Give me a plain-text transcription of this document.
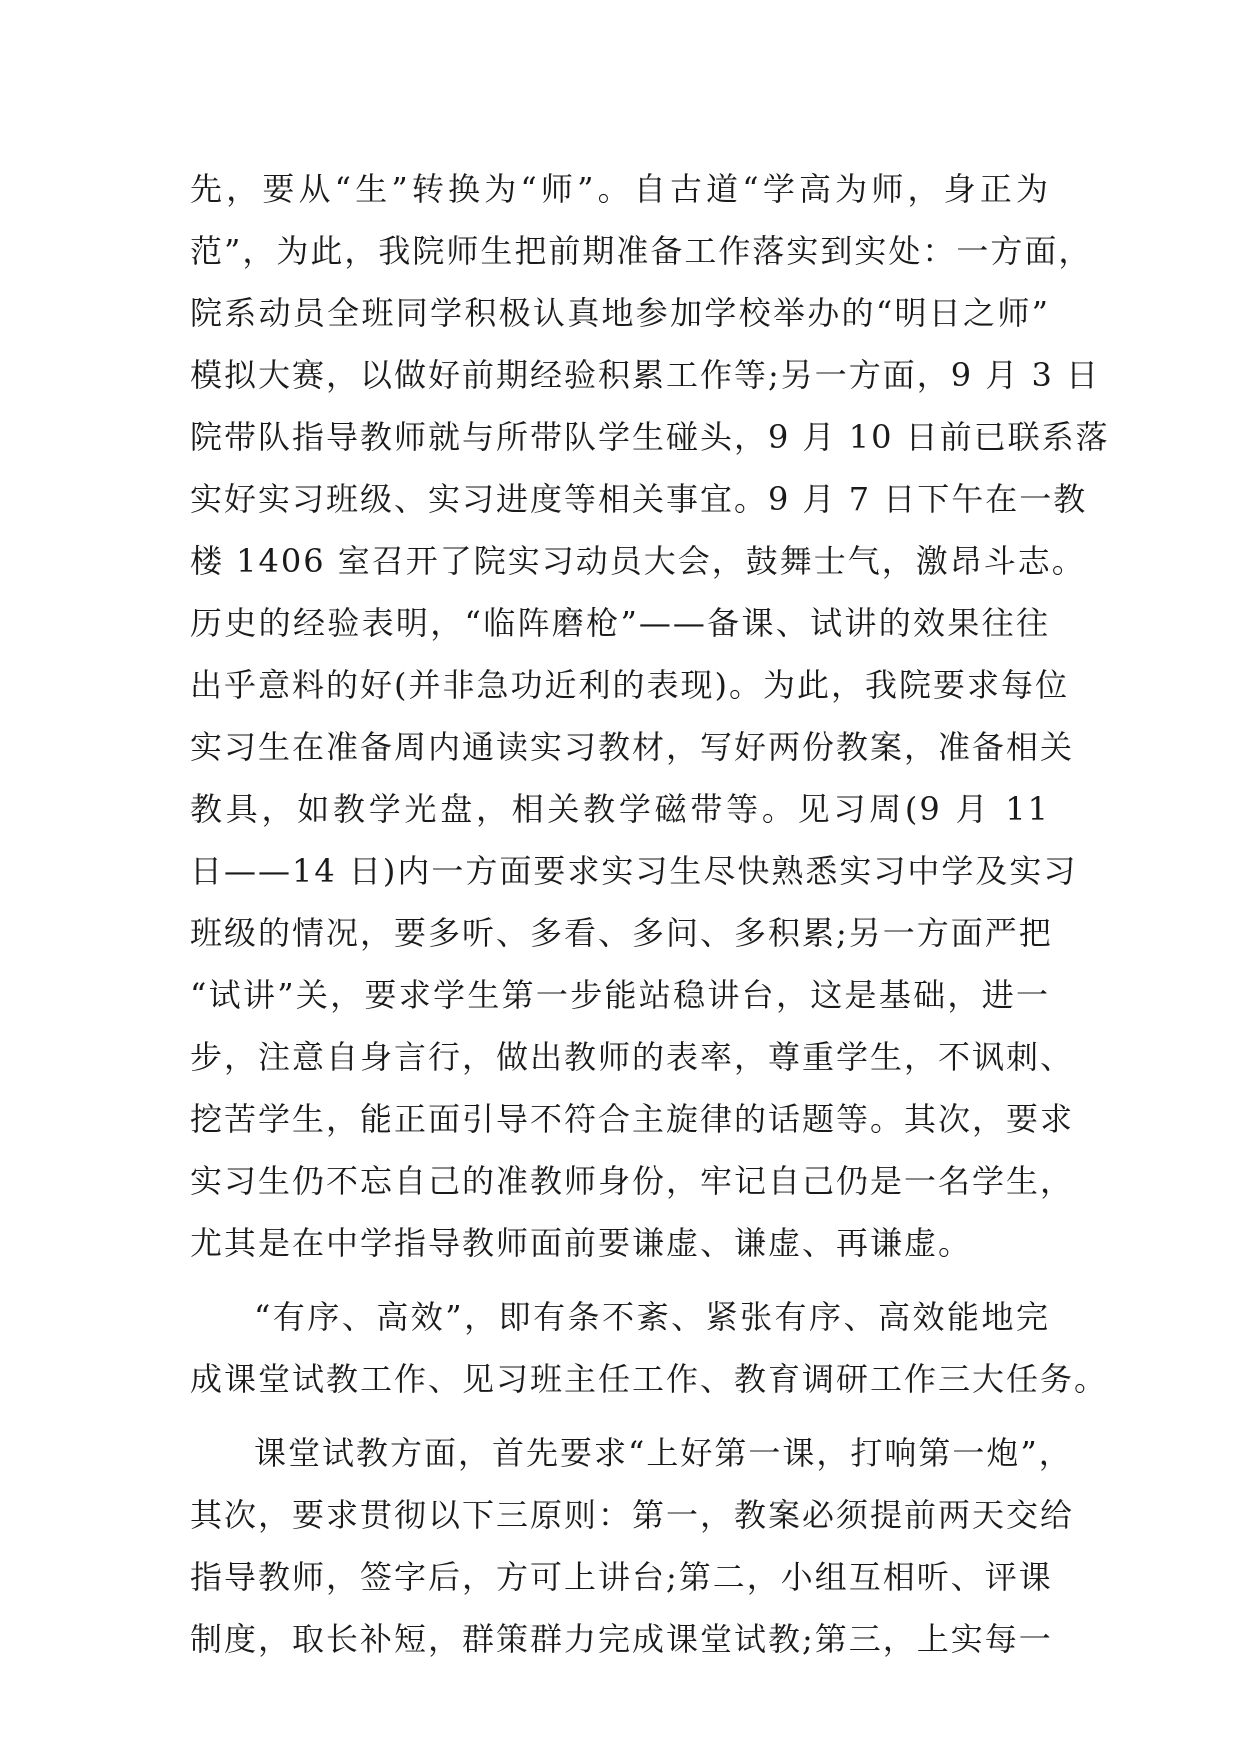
先，要从“生”转换为“师”。自古道“学高为师，身正为
范”，为此，我院师生把前期准备工作落实到实处：一方面，
院系动员全班同学积极认真地参加学校举办的“明日之师”
模拟大赛，以做好前期经验积累工作等;另一方面，9 月 3 日
院带队指导教师就与所带队学生碰头，9 月 10 日前已联系落
实好实习班级、实习进度等相关事宜。9 月 7 日下午在一教
楼 1406 室召开了院实习动员大会，鼓舞士气，激昂斗志。
历史的经验表明，“临阵磨枪”——备课、试讲的效果往往
出乎意料的好(并非急功近利的表现)。为此，我院要求每位
实习生在准备周内通读实习教材，写好两份教案，准备相关
教具，如教学光盘，相关教学磁带等。见习周(9 月 11
日——14 日)内一方面要求实习生尽快熟悉实习中学及实习
班级的情况，要多听、多看、多问、多积累;另一方面严把
“试讲”关，要求学生第一步能站稳讲台，这是基础，进一
步，注意自身言行，做出教师的表率，尊重学生，不讽刺、
挖苦学生，能正面引导不符合主旋律的话题等。其次，要求
实习生仍不忘自己的准教师身份，牢记自己仍是一名学生，
尤其是在中学指导教师面前要谦虚、谦虚、再谦虚。
“有序、高效”，即有条不紊、紧张有序、高效能地完
成课堂试教工作、见习班主任工作、教育调研工作三大任务。
课堂试教方面，首先要求“上好第一课，打响第一炮”，
其次，要求贯彻以下三原则：第一，教案必须提前两天交给
指导教师，签字后，方可上讲台;第二，小组互相听、评课
制度，取长补短，群策群力完成课堂试教;第三，上实每一
